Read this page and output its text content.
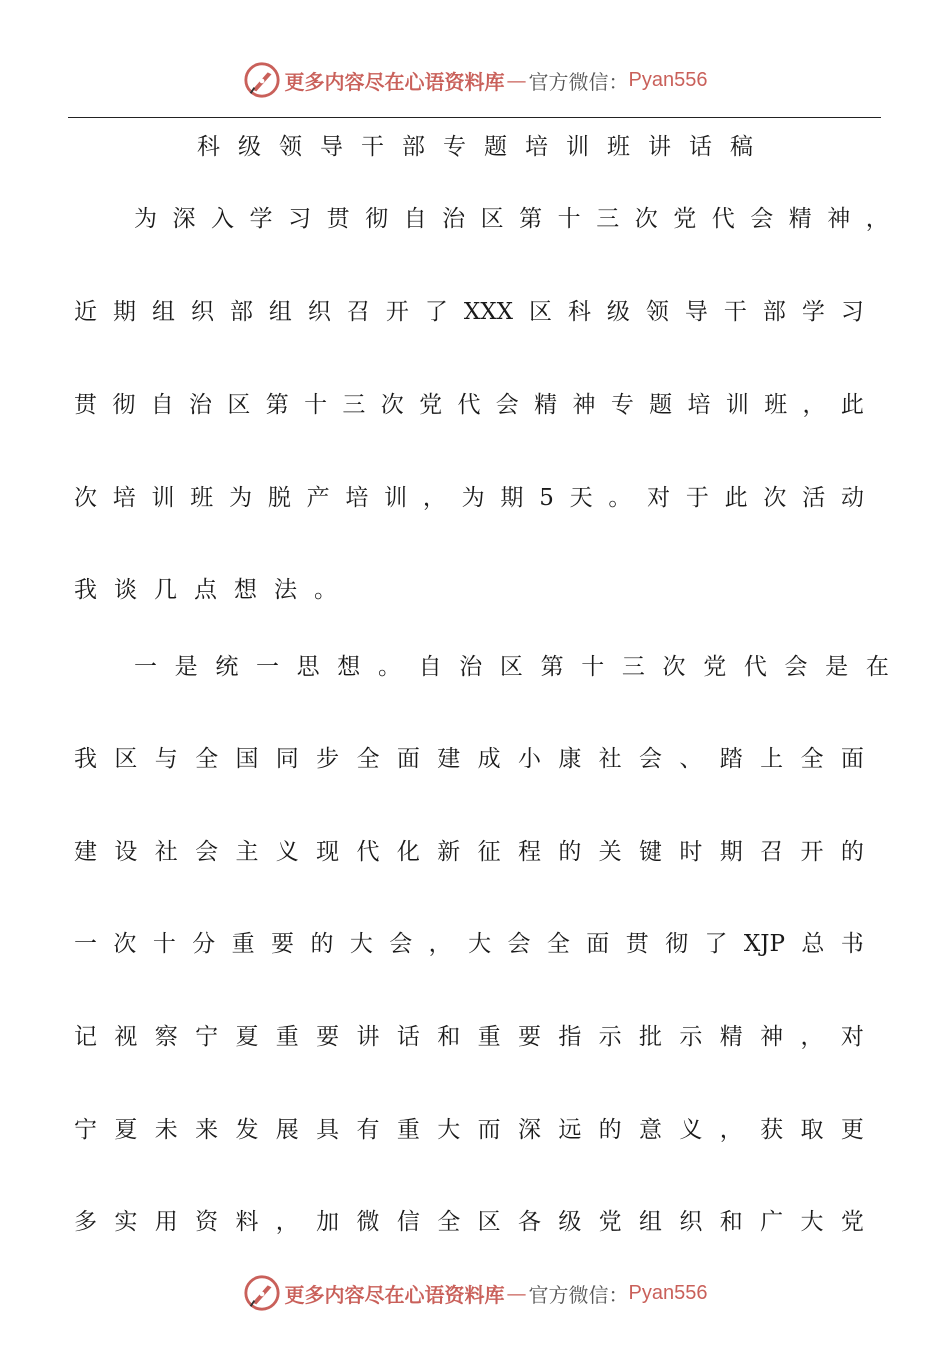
更多内容尽在心语资料库 — 官方微信： Pyan556
科级领导干部专题培训班讲话稿
为 深 入 学 习 贯 彻 自 治 区 第 十 三 次 党 代 会 精 神 ，
近 期 组 织 部 组 织 召 开 了 XXX 区 科 级 领 导 干 部 学 习
贯 彻 自 治 区 第 十 三 次 党 代 会 精 神 专 题 培 训 班 ， 此
次 培 训 班 为 脱 产 培 训 ， 为 期 5 天 。 对 于 此 次 活 动
我 谈 几 点 想 法 。
一 是 统 一 思 想 。 自 治 区 第 十 三 次 党 代 会 是 在
我 区 与 全 国 同 步 全 面 建 成 小 康 社 会 、 踏 上 全 面
建 设 社 会 主 义 现 代 化 新 征 程 的 关 键 时 期 召 开 的
一 次 十 分 重 要 的 大 会 ， 大 会 全 面 贯 彻 了 XJP 总 书
记 视 察 宁 夏 重 要 讲 话 和 重 要 指 示 批 示 精 神 ， 对
宁 夏 未 来 发 展 具 有 重 大 而 深 远 的 意 义 ， 获 取 更
多 实 用 资 料 ， 加 微 信 全 区 各 级 党 组 织 和 广 大 党
更多内容尽在心语资料库 — 官方微信： Pyan556
